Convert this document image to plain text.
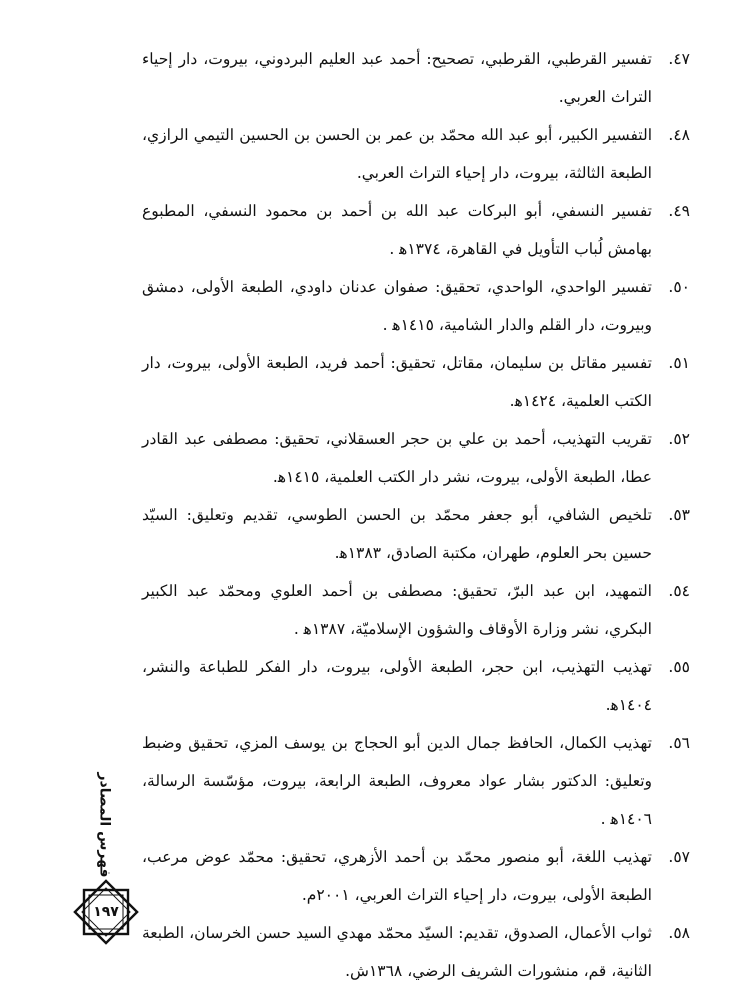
٤٧.
تفسير القرطبي، القرطبي، تصحيح: أحمد عبد العليم البردوني، بيروت، دار إحياء التراث العربي.
٤٨.
التفسير الكبير، أبو عبد الله محمّد بن عمر بن الحسن بن الحسين التيمي الرازي، الطبعة الثالثة، بيروت، دار إحياء التراث العربي.
٤٩.
تفسير النسفي، أبو البركات عبد الله بن أحمد بن محمود النسفي، المطبوع بهامش لُباب التأويل في القاهرة، ١٣٧٤ﻫ .
٥٠.
تفسير الواحدي، الواحدي، تحقيق: صفوان عدنان داودي، الطبعة الأولى، دمشق وبيروت، دار القلم والدار الشامية، ١٤١٥ﻫ .
٥١.
تفسير مقاتل بن سليمان، مقاتل، تحقيق: أحمد فريد، الطبعة الأولى، بيروت، دار الكتب العلمية، ١٤٢٤ﻫ.
٥٢.
تقريب التهذيب، أحمد بن علي بن حجر العسقلاني، تحقيق: مصطفى عبد القادر عطا، الطبعة الأولى، بيروت، نشر دار الكتب العلمية، ١٤١٥ﻫ.
٥٣.
تلخيص الشافي، أبو جعفر محمّد بن الحسن الطوسي، تقديم وتعليق: السيّد حسين بحر العلوم، طهران، مكتبة الصادق، ١٣٨٣ﻫ.
٥٤.
التمهيد، ابن عبد البرّ، تحقيق: مصطفى بن أحمد العلوي ومحمّد عبد الكبير البكري، نشر وزارة الأوقاف والشؤون الإسلاميّة، ١٣٨٧ﻫ .
٥٥.
تهذيب التهذيب، ابن حجر، الطبعة الأولى، بيروت، دار الفكر للطباعة والنشر، ١٤٠٤ﻫ.
٥٦.
تهذيب الكمال، الحافظ جمال الدين أبو الحجاج بن يوسف المزي، تحقيق وضبط وتعليق: الدكتور بشار عواد معروف، الطبعة الرابعة، بيروت، مؤسّسة الرسالة، ١٤٠٦ﻫ .
٥٧.
تهذيب اللغة، أبو منصور محمّد بن أحمد الأزهري، تحقيق: محمّد عوض مرعب، الطبعة الأولى، بيروت، دار إحياء التراث العربي، ٢٠٠١م.
٥٨.
ثواب الأعمال، الصدوق، تقديم: السيّد محمّد مهدي السيد حسن الخرسان، الطبعة الثانية، قم، منشورات الشريف الرضي، ١٣٦٨ش.
فهرس المصادر
١٩٧
